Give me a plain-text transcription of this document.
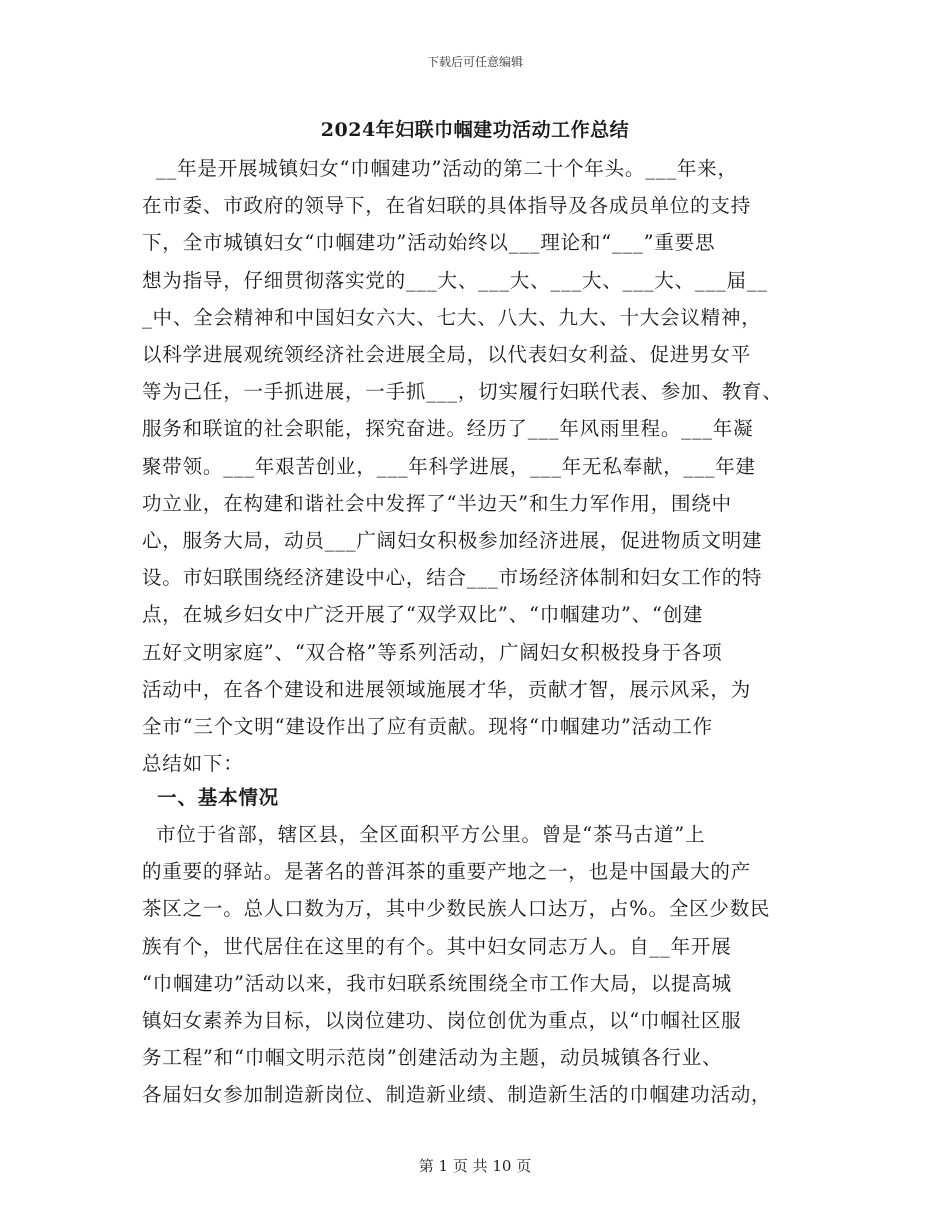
下载后可任意编辑
2024年妇联巾帼建功活动工作总结
__年是开展城镇妇女“巾帼建功”活动的第二十个年头。___年来，
在市委、市政府的领导下，在省妇联的具体指导及各成员单位的支持
下，全市城镇妇女“巾帼建功”活动始终以___理论和“___”重要思
想为指导，仔细贯彻落实党的___大、___大、___大、___大、___届__
_中、全会精神和中国妇女六大、七大、八大、九大、十大会议精神，
以科学进展观统领经济社会进展全局，以代表妇女利益、促进男女平
等为己任，一手抓进展，一手抓___，切实履行妇联代表、参加、教育、
服务和联谊的社会职能，探究奋进。经历了___年风雨里程。___年凝
聚带领。___年艰苦创业，___年科学进展，___年无私奉献，___年建
功立业，在构建和谐社会中发挥了“半边天”和生力军作用，围绕中
心，服务大局，动员___广阔妇女积极参加经济进展，促进物质文明建
设。市妇联围绕经济建设中心，结合___市场经济体制和妇女工作的特
点，在城乡妇女中广泛开展了“双学双比”、“巾帼建功”、“创建
五好文明家庭”、“双合格”等系列活动，广阔妇女积极投身于各项
活动中，在各个建设和进展领域施展才华，贡献才智，展示风采，为
全市“三个文明“建设作出了应有贡献。现将“巾帼建功”活动工作
总结如下：
一、基本情况
市位于省部，辖区县，全区面积平方公里。曾是“茶马古道”上
的重要的驿站。是著名的普洱茶的重要产地之一，也是中国最大的产
茶区之一。总人口数为万，其中少数民族人口达万，占%。全区少数民
族有个，世代居住在这里的有个。其中妇女同志万人。自__年开展
“巾帼建功”活动以来，我市妇联系统围绕全市工作大局，以提高城
镇妇女素养为目标，以岗位建功、岗位创优为重点，以“巾帼社区服
务工程”和“巾帼文明示范岗”创建活动为主题，动员城镇各行业、
各届妇女参加制造新岗位、制造新业绩、制造新生活的巾帼建功活动，
第 1 页 共 10 页
